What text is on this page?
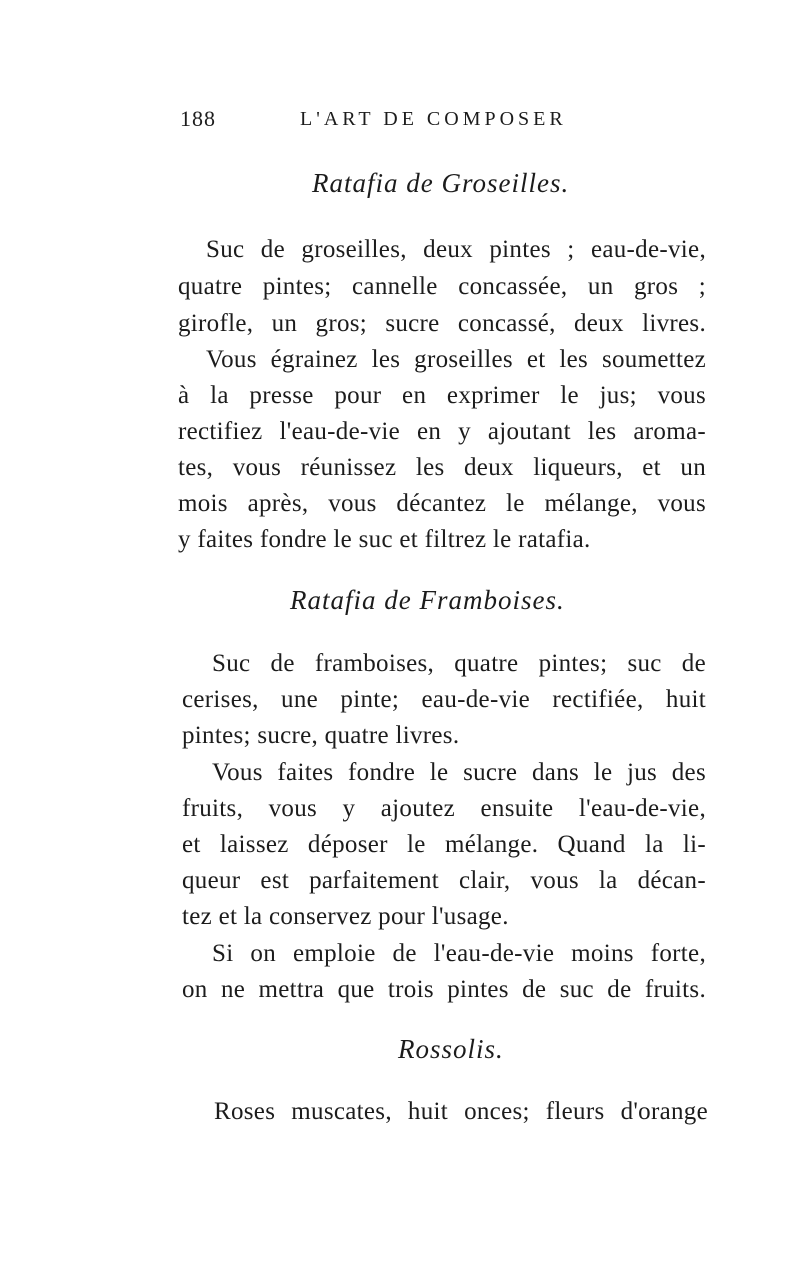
188	L'ART DE COMPOSER
Ratafia de Groseilles.
Suc de groseilles, deux pintes ; eau-de-vie,
quatre pintes; cannelle concassée, un gros ;
girofle, un gros; sucre concassé, deux livres.
Vous égrainez les groseilles et les soumettez
à la presse pour en exprimer le jus; vous
rectifiez l'eau-de-vie en y ajoutant les aroma-
tes, vous réunissez les deux liqueurs, et un
mois après, vous décantez le mélange, vous
y faites fondre le suc et filtrez le ratafia.
Ratafia de Framboises.
Suc de framboises, quatre pintes; suc de
cerises, une pinte; eau-de-vie rectifiée, huit
pintes; sucre, quatre livres.
Vous faites fondre le sucre dans le jus des
fruits, vous y ajoutez ensuite l'eau-de-vie,
et laissez déposer le mélange. Quand la li-
queur est parfaitement clair, vous la décan-
tez et la conservez pour l'usage.
Si on emploie de l'eau-de-vie moins forte,
on ne mettra que trois pintes de suc de fruits.
Rossolis.
Roses muscates, huit onces; fleurs d'orange
